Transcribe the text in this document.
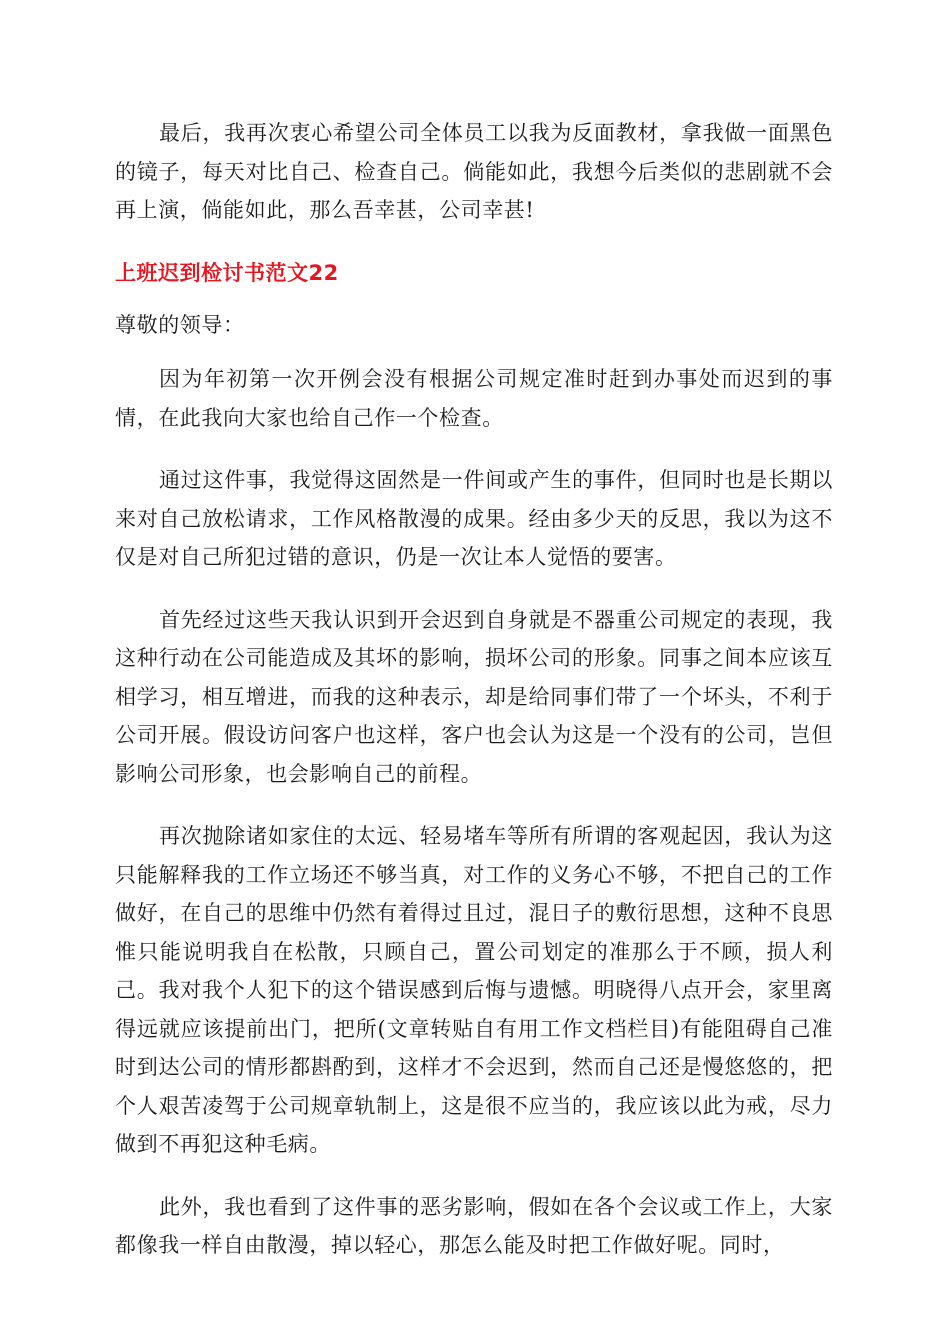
最后，我再次衷心希望公司全体员工以我为反面教材，拿我做一面黑色的镜子，每天对比自己、检查自己。倘能如此，我想今后类似的悲剧就不会再上演，倘能如此，那么吾幸甚，公司幸甚!

上班迟到检讨书范文22

尊敬的领导：

因为年初第一次开例会没有根据公司规定准时赶到办事处而迟到的事情，在此我向大家也给自己作一个检查。

通过这件事，我觉得这固然是一件间或产生的事件，但同时也是长期以来对自己放松请求，工作风格散漫的成果。经由多少天的反思，我以为这不仅是对自己所犯过错的意识，仍是一次让本人觉悟的要害。

首先经过这些天我认识到开会迟到自身就是不器重公司规定的表现，我这种行动在公司能造成及其坏的影响，损坏公司的形象。同事之间本应该互相学习，相互增进，而我的这种表示，却是给同事们带了一个坏头，不利于公司开展。假设访问客户也这样，客户也会认为这是一个没有的公司，岂但影响公司形象，也会影响自己的前程。

再次抛除诸如家住的太远、轻易堵车等所有所谓的客观起因，我认为这只能解释我的工作立场还不够当真，对工作的义务心不够，不把自己的工作做好，在自己的思维中仍然有着得过且过，混日子的敷衍思想，这种不良思惟只能说明我自在松散，只顾自己，置公司划定的准那么于不顾，损人利己。我对我个人犯下的这个错误感到后悔与遗憾。明晓得八点开会，家里离得远就应该提前出门，把所(文章转贴自有用工作文档栏目)有能阻碍自己准时到达公司的情形都斟酌到，这样才不会迟到，然而自己还是慢悠悠的，把个人艰苦凌驾于公司规章轨制上，这是很不应当的，我应该以此为戒，尽力做到不再犯这种毛病。

此外，我也看到了这件事的恶劣影响，假如在各个会议或工作上，大家都像我一样自由散漫，掉以轻心，那怎么能及时把工作做好呢。同时，
